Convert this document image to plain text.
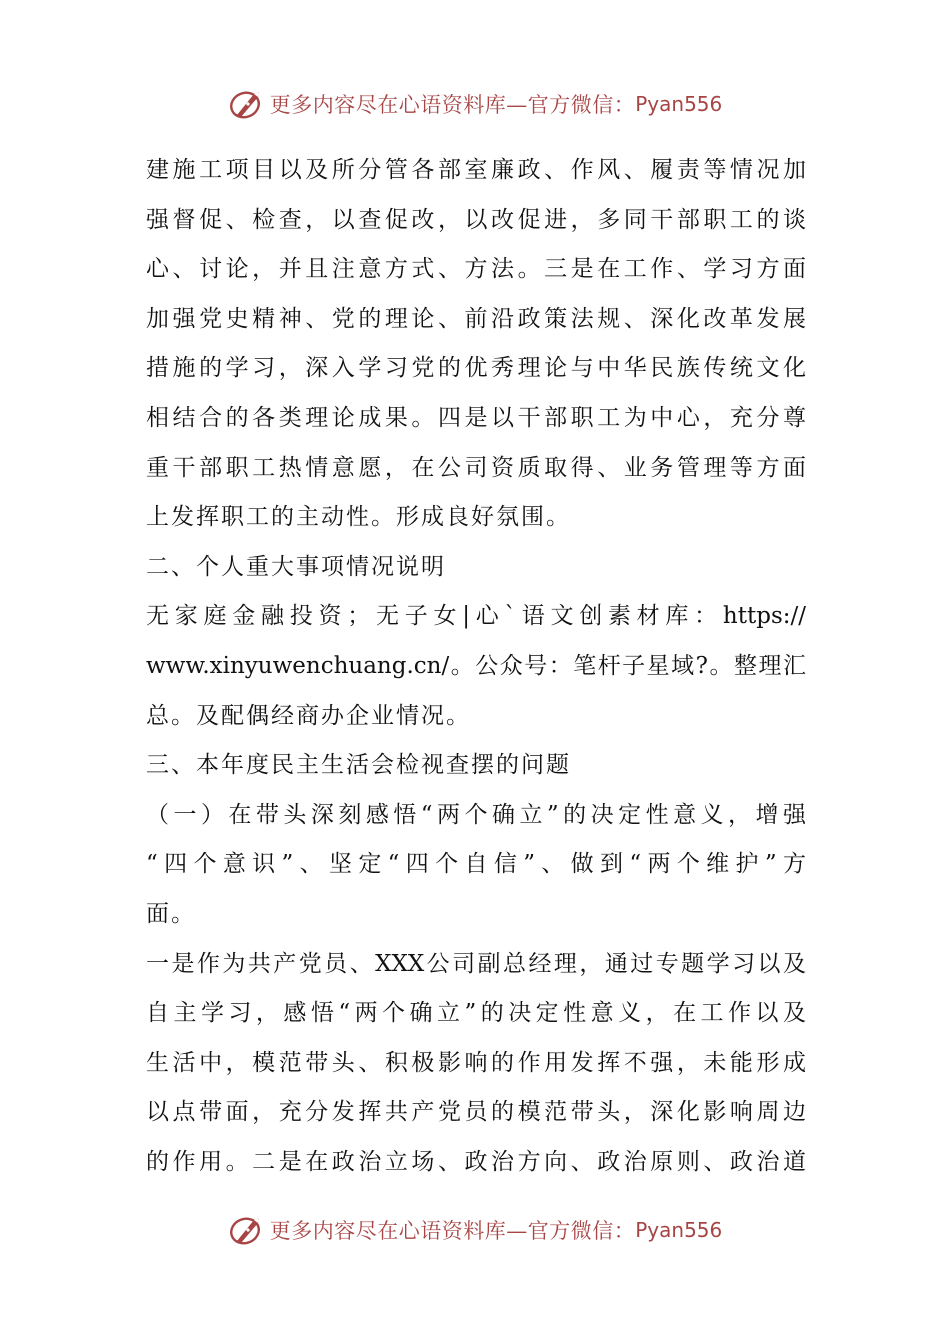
更多内容尽在心语资料库—官方微信： Pyan556
建施工项目以及所分管各部室廉政、作风、履责等情况加
强督促、检查，以查促改，以改促进，多同干部职工的谈
心、讨论，并且注意方式、方法。三是在工作、学习方面
加强党史精神、党的理论、前沿政策法规、深化改革发展
措施的学习，深入学习党的优秀理论与中华民族传统文化
相结合的各类理论成果。四是以干部职工为中心，充分尊
重干部职工热情意愿，在公司资质取得、业务管理等方面
上发挥职工的主动性。形成良好氛围。
二、个人重大事项情况说明
无家庭金融投资；无子女|心`语文创素材库：https://
www.xinyuwenchuang.cn/。公众号：笔杆子星域?。整理汇
总。及配偶经商办企业情况。
三、本年度民主生活会检视查摆的问题
（一）在带头深刻感悟“两个确立”的决定性意义，增强
“四个意识”、坚定“四个自信”、做到“两个维护”方
面。
一是作为共产党员、XXX公司副总经理，通过专题学习以及
自主学习，感悟“两个确立”的决定性意义，在工作以及
生活中，模范带头、积极影响的作用发挥不强，未能形成
以点带面，充分发挥共产党员的模范带头，深化影响周边
的作用。二是在政治立场、政治方向、政治原则、政治道
更多内容尽在心语资料库—官方微信： Pyan556
